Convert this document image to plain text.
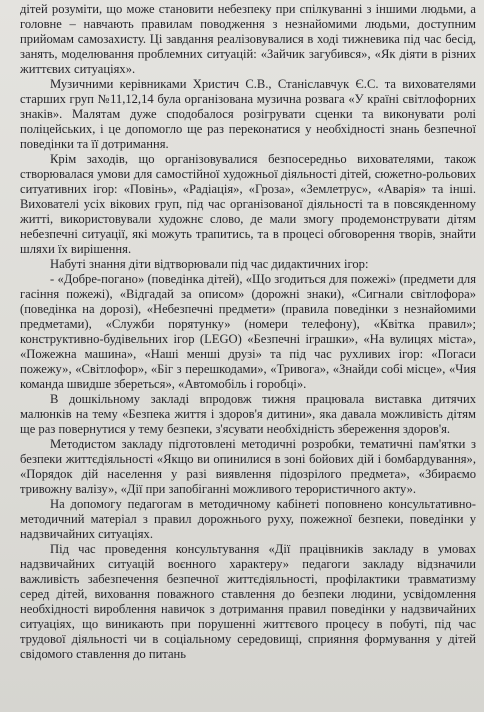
дітей розуміти, що може становити небезпеку при спілкуванні з іншими людьми, а головне – навчають правилам поводження з незнайомими людьми, доступним прийомам самозахисту. Ці завдання реалізовувалися в ході тижневика під час бесід, занять, моделювання проблемних ситуацій: «Зайчик загубився», «Як діяти в різних життєвих ситуаціях».

Музичними керівниками Христич С.В., Станіславчук Є.С. та вихователями старших груп №11,12,14 була організована музична розвага «У країні світлофорних знаків». Малятам дуже сподобалося розігрувати сценки та виконувати ролі поліцейських, і це допомогло ще раз переконатися у необхідності знань безпечної поведінки та її дотримання.

Крім заходів, що організовувалися безпосередньо вихователями, також створювалася умови для самостійної художньої діяльності дітей, сюжетно-рольових ситуативних ігор: «Повінь», «Радіація», «Гроза», «Землетрус», «Аварія» та інші. Вихователі усіх вікових груп, під час організованої діяльності та в повсякденному житті, використовували художнє слово, де мали змогу продемонструвати дітям небезпечні ситуації, які можуть трапитись, та в процесі обговорення творів, знайти шляхи їх вирішення.

Набуті знання діти відтворювали під час дидактичних ігор:

- «Добре-погано» (поведінка дітей), «Що згодиться для пожежі» (предмети для гасіння пожежі), «Відгадай за описом» (дорожні знаки), «Сигнали світлофора» (поведінка на дорозі), «Небезпечні предмети» (правила поведінки з незнайомими предметами), «Служби порятунку» (номери телефону), «Квітка правил»; конструктивно-будівельних ігор (LEGO) «Безпечні іграшки», «На вулицях міста», «Пожежна машина», «Наші менші друзі» та під час рухливих ігор: «Погаси пожежу», «Світлофор», «Біг з перешкодами», «Тривога», «Знайди собі місце», «Чия команда швидше збереться», «Автомобіль і горобці».

В дошкільному закладі впродовж тижня працювала виставка дитячих малюнків на тему «Безпека життя і здоров'я дитини», яка давала можливість дітям ще раз повернутися у тему безпеки, з'ясувати необхідність збереження здоров'я.

Методистом закладу підготовлені методичні розробки, тематичні пам'ятки з безпеки життєдіяльності «Якщо ви опинилися в зоні бойових дій і бомбардування», «Порядок дій населення у разі виявлення підозрілого предмета», «Збираємо тривожну валізу», «Дії при запобіганні можливого терористичного акту».

На допомогу педагогам в методичному кабінеті поповнено консультативно-методичний матеріал з правил дорожнього руху, пожежної безпеки, поведінки у надзвичайних ситуаціях.

Під час проведення консультування «Дії працівників закладу в умовах надзвичайних ситуацій воєнного характеру» педагоги закладу відзначили важливість забезпечення безпечної життєдіяльності, профілактики травматизму серед дітей, виховання поважного ставлення до безпеки людини, усвідомлення необхідності вироблення навичок з дотримання правил поведінки у надзвичайних ситуаціях, що виникають при порушенні життєвого процесу в побуті, під час трудової діяльності чи в соціальному середовищі, сприяння формування у дітей свідомого ставлення до питань
